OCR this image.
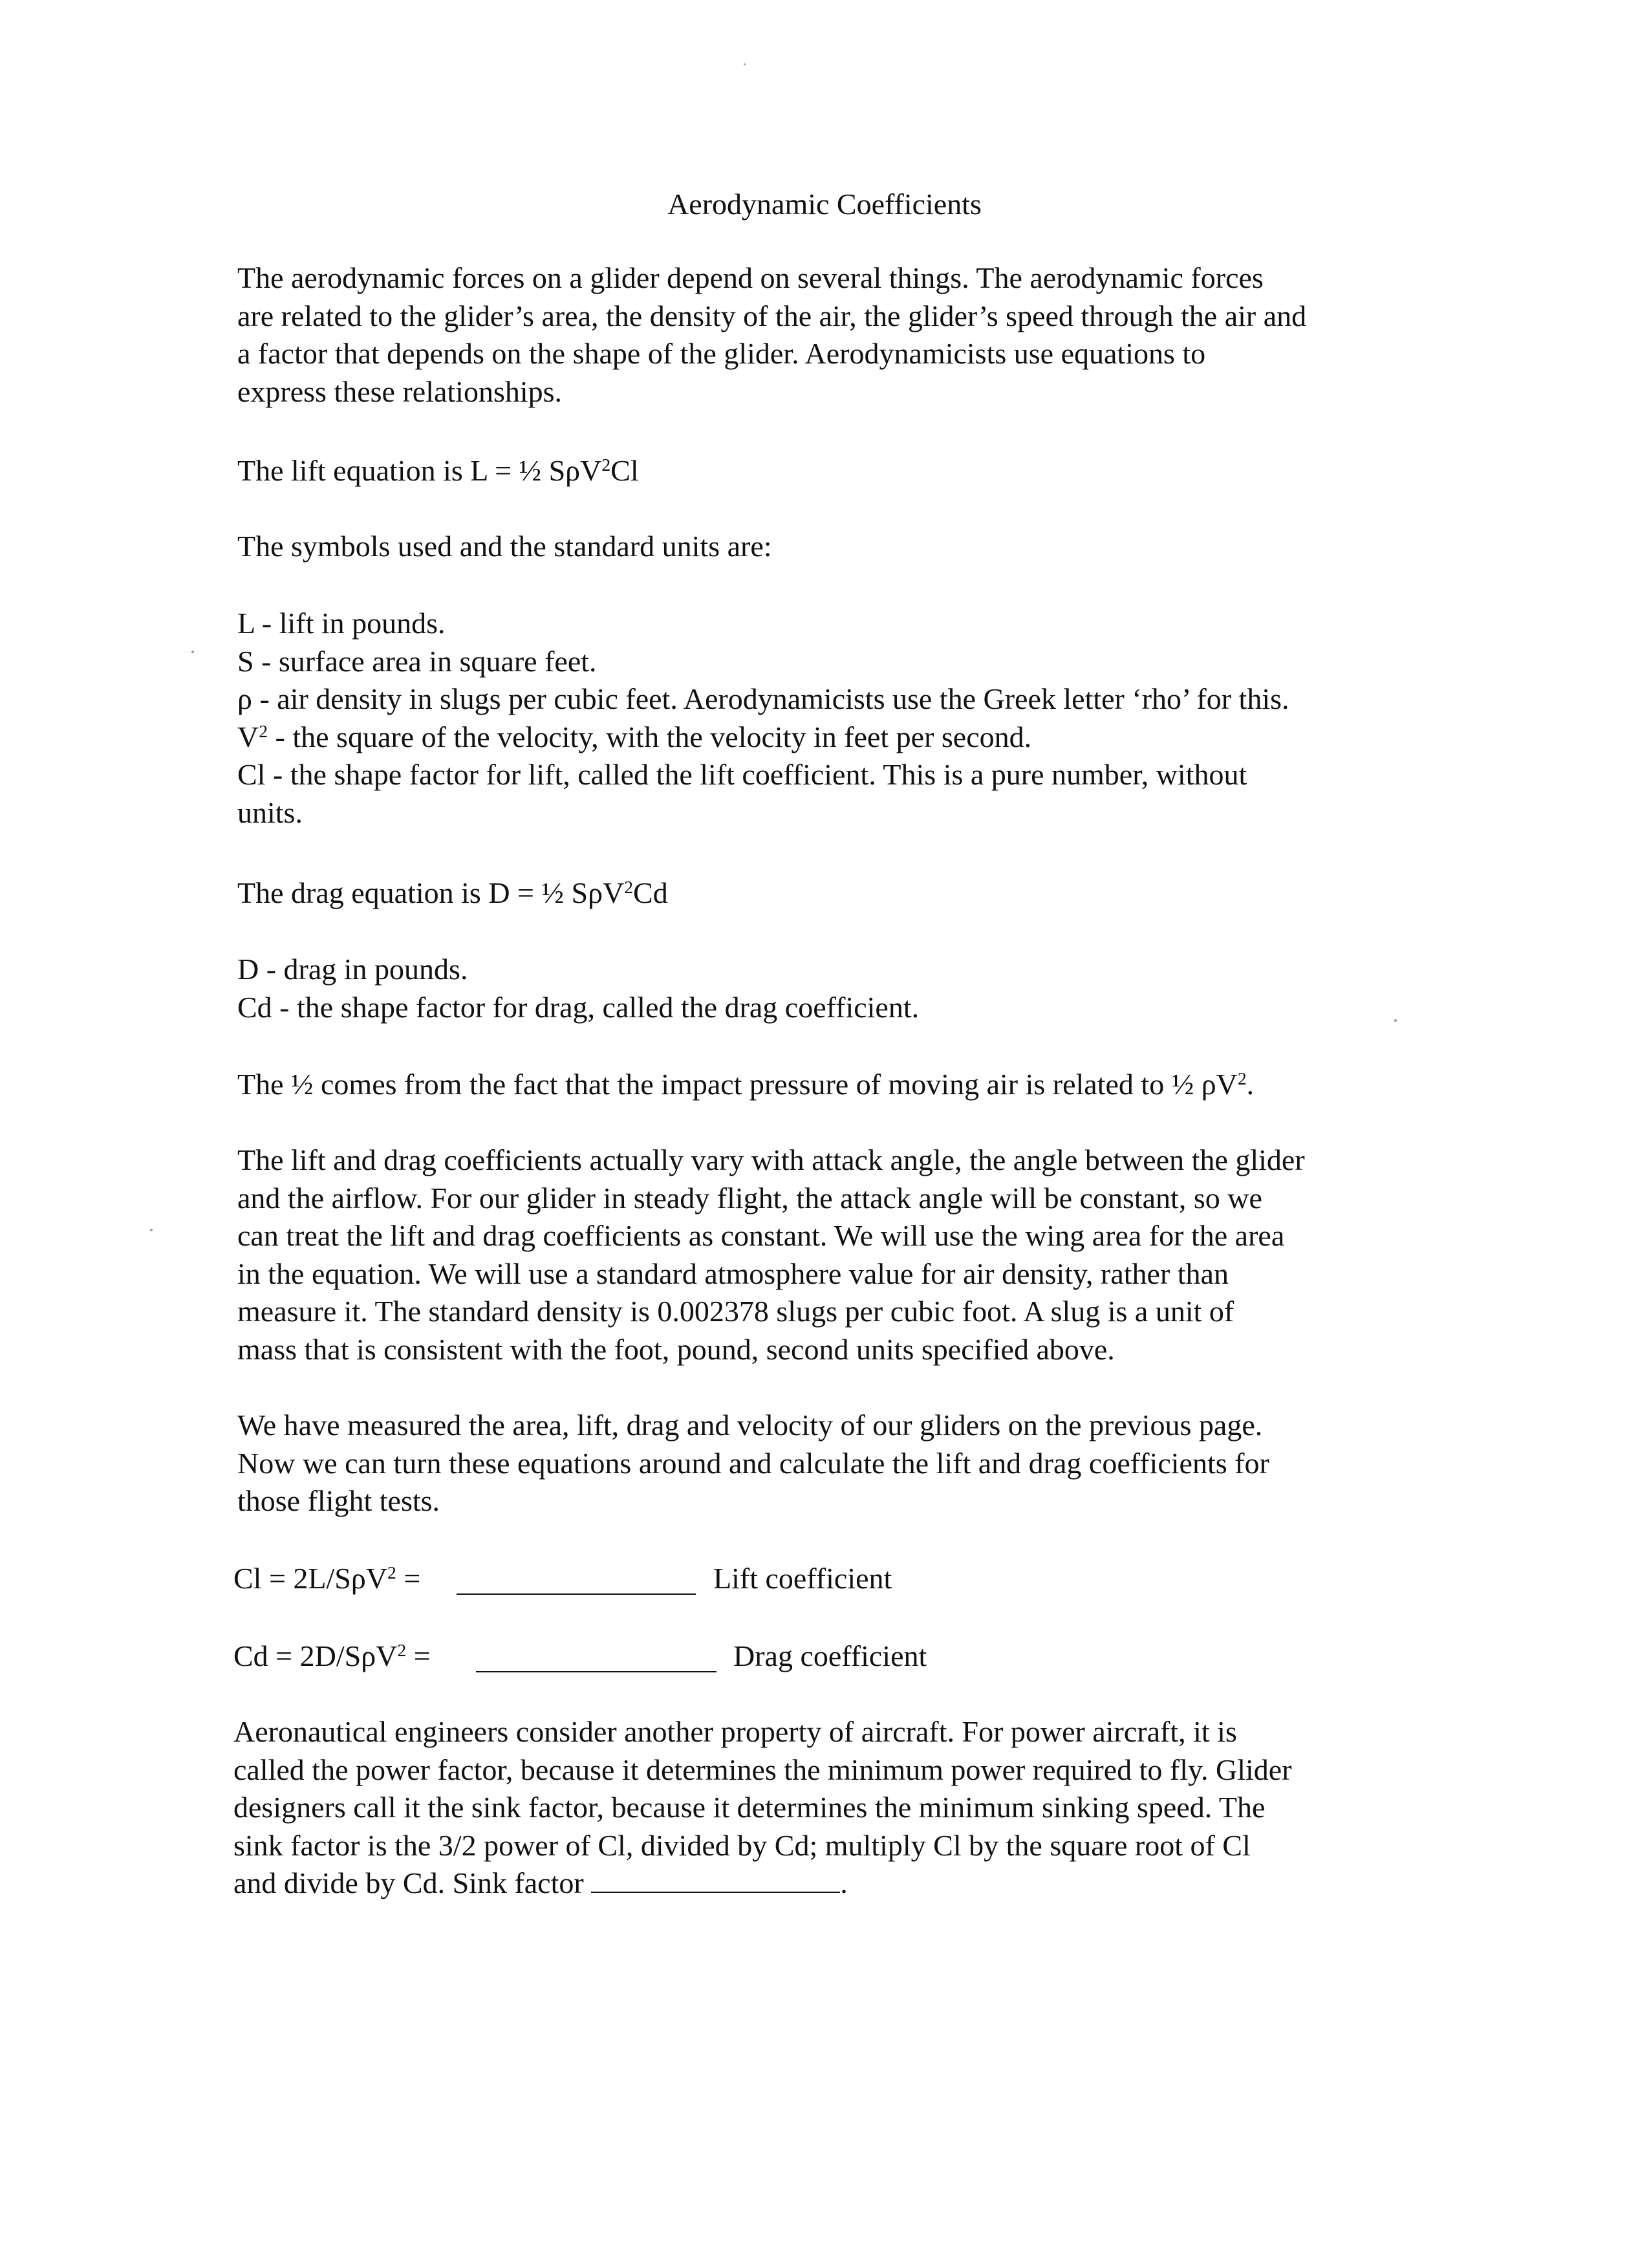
Aerodynamic Coefficients
The aerodynamic forces on a glider depend on several things. The aerodynamic forces
are related to the glider’s area, the density of the air, the glider’s speed through the air and
a factor that depends on the shape of the glider. Aerodynamicists use equations to
express these relationships.
The lift equation is L = ½ SρV$^2$Cl
The symbols used and the standard units are:
L - lift in pounds.
S - surface area in square feet.
ρ - air density in slugs per cubic feet. Aerodynamicists use the Greek letter ‘rho’ for this.
$V^2$ - the square of the velocity, with the velocity in feet per second.
Cl - the shape factor for lift, called the lift coefficient. This is a pure number, without
units.
The drag equation is D = ½ SρV$^2$Cd
D - drag in pounds.
Cd - the shape factor for drag, called the drag coefficient.
The ½ comes from the fact that the impact pressure of moving air is related to ½ $\rho V^2$.
The lift and drag coefficients actually vary with attack angle, the angle between the glider
and the airflow. For our glider in steady flight, the attack angle will be constant, so we
can treat the lift and drag coefficients as constant. We will use the wing area for the area
in the equation. We will use a standard atmosphere value for air density, rather than
measure it. The standard density is 0.002378 slugs per cubic foot. A slug is a unit of
mass that is consistent with the foot, pound, second units specified above.
We have measured the area, lift, drag and velocity of our gliders on the previous page.
Now we can turn these equations around and calculate the lift and drag coefficients for
those flight tests.
Cl = 2L/SρV$^2$ =	Lift coefficient
Cd = 2D/SρV$^2$ =	Drag coefficient
Aeronautical engineers consider another property of aircraft. For power aircraft, it is
called the power factor, because it determines the minimum power required to fly. Glider
designers call it the sink factor, because it determines the minimum sinking speed. The
sink factor is the 3/2 power of Cl, divided by Cd; multiply Cl by the square root of Cl
and divide by Cd. Sink factor	.
